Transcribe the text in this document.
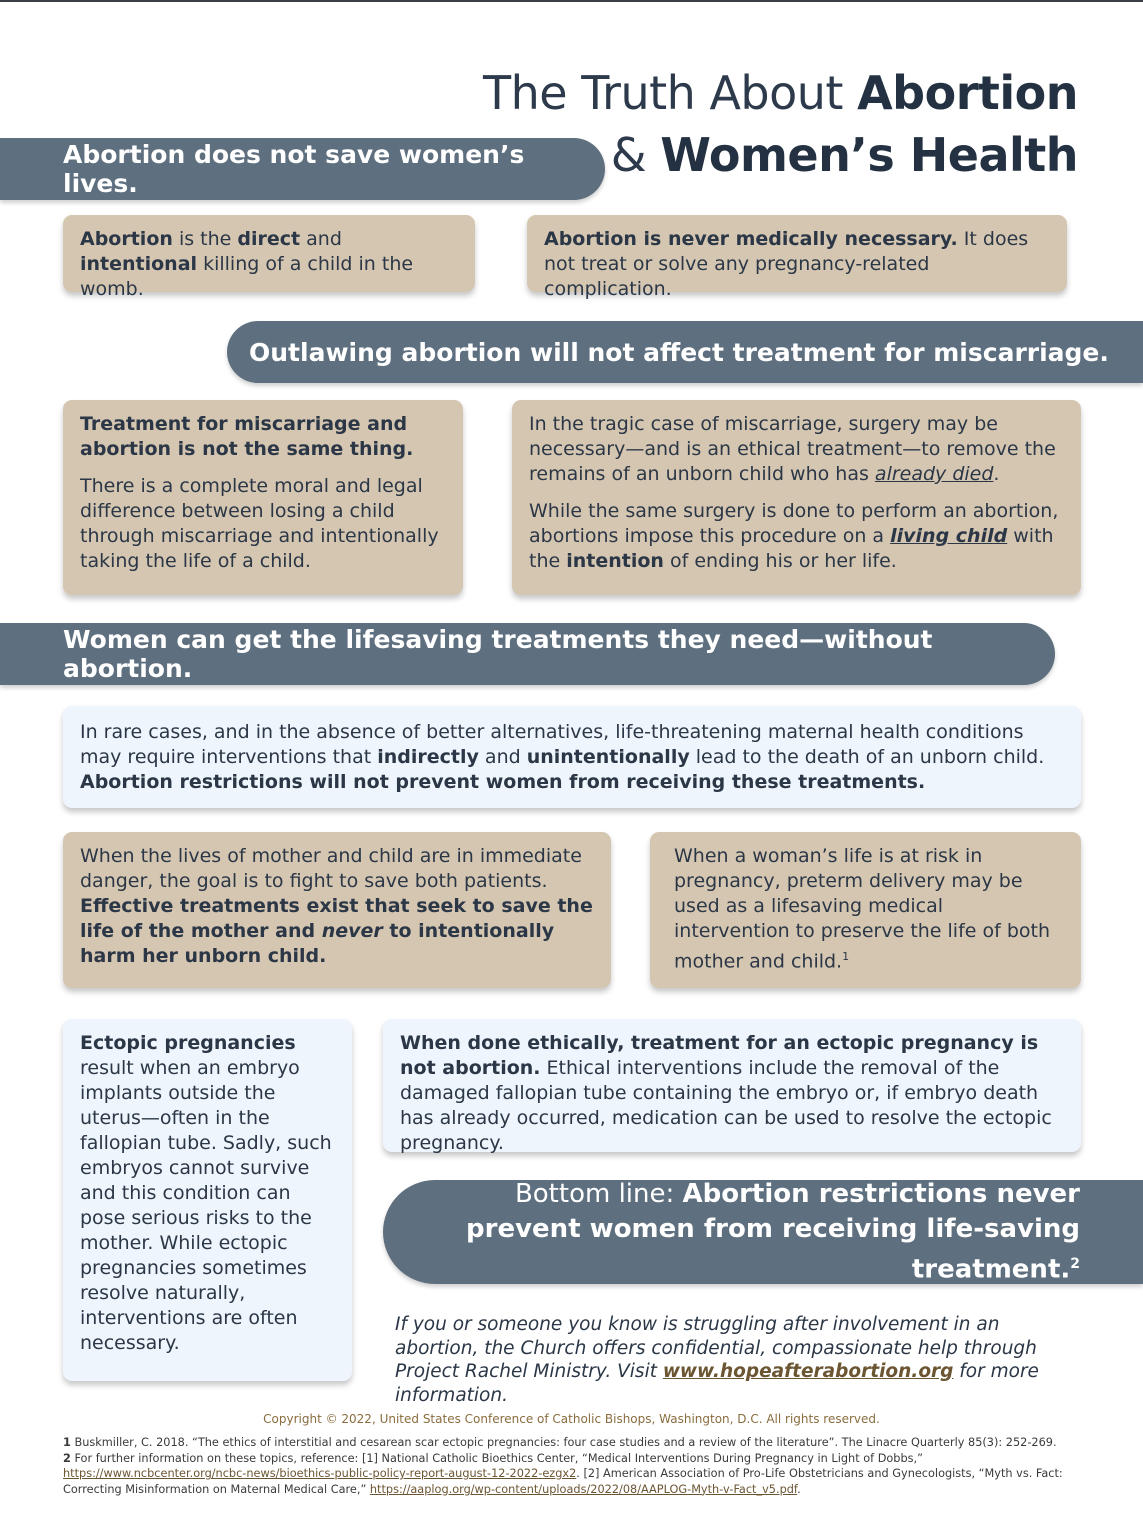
The Truth About Abortion
& Women’s Health
Abortion does not save women’s lives.

Abortion is the direct and intentional killing of a child in the womb.

Abortion is never medically necessary. It does not treat or solve any pregnancy-related complication.

Outlawing abortion will not affect treatment for miscarriage.

Treatment for miscarriage and abortion is not the same thing.

There is a complete moral and legal difference between losing a child through miscarriage and intentionally taking the life of a child.

In the tragic case of miscarriage, surgery may be necessary—and is an ethical treatment—to remove the remains of an unborn child who has already died.

While the same surgery is done to perform an abortion, abortions impose this procedure on a living child with the intention of ending his or her life.

Women can get the lifesaving treatments they need—without abortion.

In rare cases, and in the absence of better alternatives, life-threatening maternal health conditions may require interventions that indirectly and unintentionally lead to the death of an unborn child. Abortion restrictions will not prevent women from receiving these treatments.

When the lives of mother and child are in immediate danger, the goal is to fight to save both patients. Effective treatments exist that seek to save the life of the mother and never to intentionally harm her unborn child.

When a woman’s life is at risk in pregnancy, preterm delivery may be used as a lifesaving medical intervention to preserve the life of both mother and child.$^1$

Ectopic pregnancies result when an embryo implants outside the uterus—often in the fallopian tube. Sadly, such embryos cannot survive and this condition can pose serious risks to the mother. While ectopic pregnancies sometimes resolve naturally, interventions are often necessary.

When done ethically, treatment for an ectopic pregnancy is not abortion. Ethical interventions include the removal of the damaged fallopian tube containing the embryo or, if embryo death has already occurred, medication can be used to resolve the ectopic pregnancy.

Bottom line: Abortion restrictions never prevent women from receiving life-saving treatment.$^2$
If you or someone you know is struggling after involvement in an abortion, the Church offers confidential, compassionate help through Project Rachel Ministry. Visit www.hopeafterabortion.org for more information.
Copyright © 2022, United States Conference of Catholic Bishops, Washington, D.C. All rights reserved.
1 Buskmiller, C. 2018. “The ethics of interstitial and cesarean scar ectopic pregnancies: four case studies and a review of the literature”. The Linacre Quarterly 85(3): 252-269.
2 For further information on these topics, reference: [1] National Catholic Bioethics Center, “Medical Interventions During Pregnancy in Light of Dobbs,” https://www.ncbcenter.org/ncbc-news/bioethics-public-policy-report-august-12-2022-ezgx2. [2] American Association of Pro-Life Obstetricians and Gynecologists, “Myth vs. Fact: Correcting Misinformation on Maternal Medical Care,” https://aaplog.org/wp-content/uploads/2022/08/AAPLOG-Myth-v-Fact_v5.pdf.
